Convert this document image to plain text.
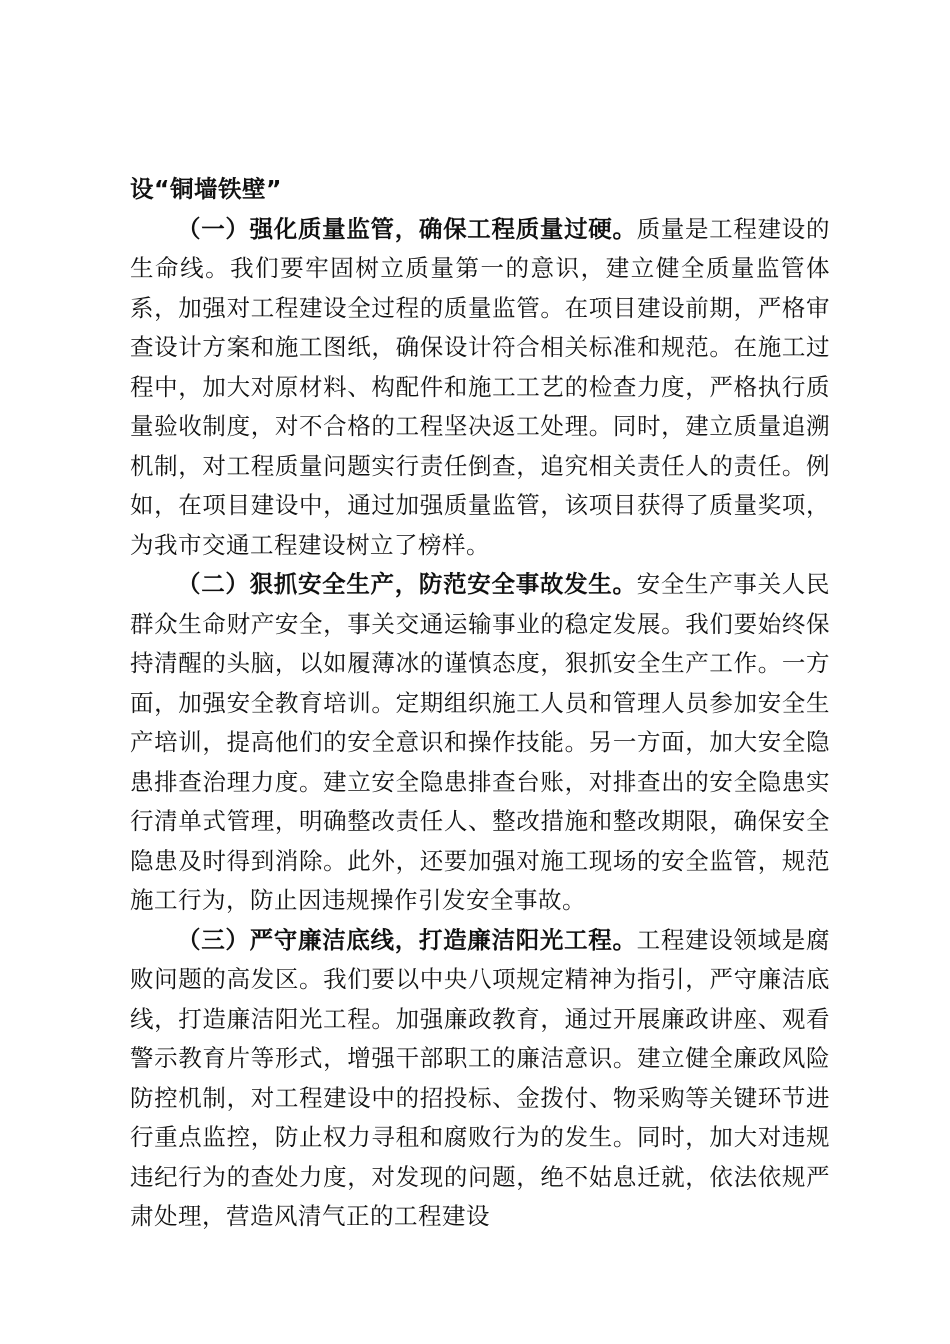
设“铜墙铁壁”

（一）强化质量监管，确保工程质量过硬。质量是工程建设的生命线。我们要牢固树立质量第一的意识，建立健全质量监管体系，加强对工程建设全过程的质量监管。在项目建设前期，严格审查设计方案和施工图纸，确保设计符合相关标准和规范。在施工过程中，加大对原材料、构配件和施工工艺的检查力度，严格执行质量验收制度，对不合格的工程坚决返工处理。同时，建立质量追溯机制，对工程质量问题实行责任倒查，追究相关责任人的责任。例如，在项目建设中，通过加强质量监管，该项目获得了质量奖项，为我市交通工程建设树立了榜样。

（二）狠抓安全生产，防范安全事故发生。安全生产事关人民群众生命财产安全，事关交通运输事业的稳定发展。我们要始终保持清醒的头脑，以如履薄冰的谨慎态度，狠抓安全生产工作。一方面，加强安全教育培训。定期组织施工人员和管理人员参加安全生产培训，提高他们的安全意识和操作技能。另一方面，加大安全隐患排查治理力度。建立安全隐患排查台账，对排查出的安全隐患实行清单式管理，明确整改责任人、整改措施和整改期限，确保安全隐患及时得到消除。此外，还要加强对施工现场的安全监管，规范施工行为，防止因违规操作引发安全事故。

（三）严守廉洁底线，打造廉洁阳光工程。工程建设领域是腐败问题的高发区。我们要以中央八项规定精神为指引，严守廉洁底线，打造廉洁阳光工程。加强廉政教育，通过开展廉政讲座、观看警示教育片等形式，增强干部职工的廉洁意识。建立健全廉政风险防控机制，对工程建设中的招投标、金拨付、物采购等关键环节进行重点监控，防止权力寻租和腐败行为的发生。同时，加大对违规违纪行为的查处力度，对发现的问题，绝不姑息迁就，依法依规严肃处理，营造风清气正的工程建设
